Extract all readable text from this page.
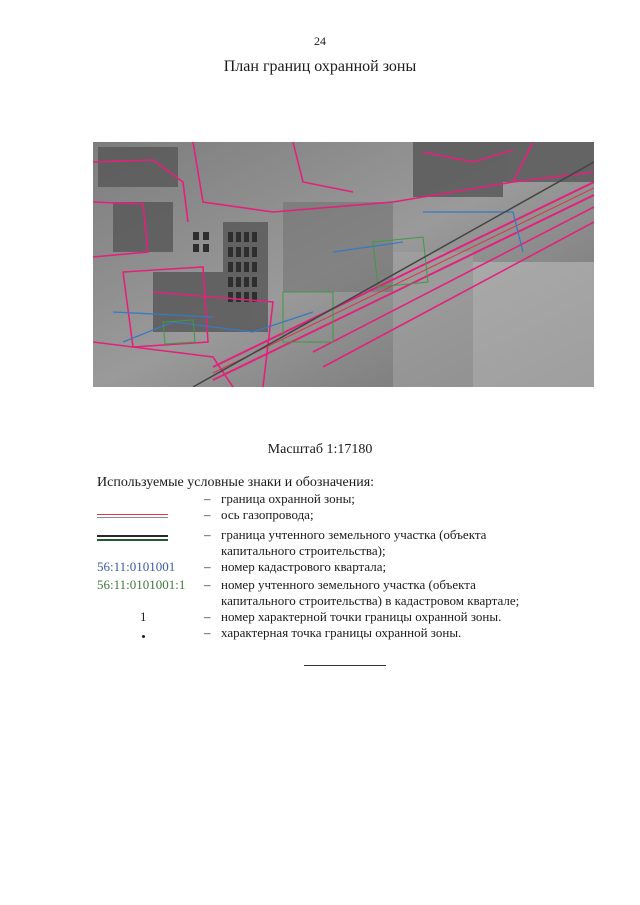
24
План границ охранной зоны
Масштаб 1:17180
Используемые условные знаки и обозначения:
– граница охранной зоны;
– ось газопровода;
– граница учтенного земельного участка (объекта капитального строительства);
56:11:0101001 – номер кадастрового квартала;
56:11:0101001:1 – номер учтенного земельного участка (объекта капитального строительства) в кадастровом квартале;
1	– номер характерной точки границы охранной зоны.
– характерная точка границы охранной зоны.
